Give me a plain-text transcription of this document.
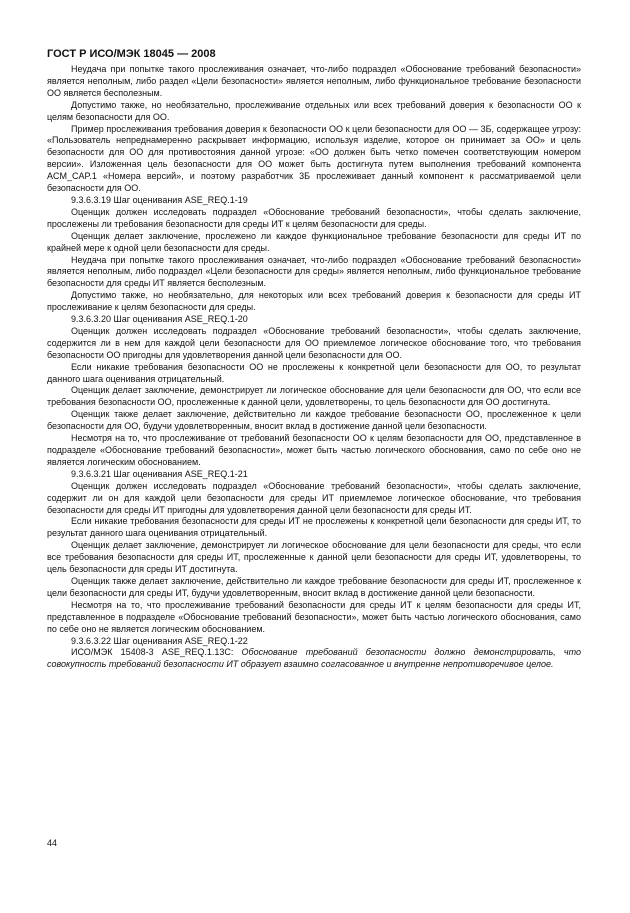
ГОСТ Р ИСО/МЭК 18045 — 2008

Неудача при попытке такого прослеживания означает, что-либо подраздел «Обоснование требований безопасности» является неполным, либо раздел «Цели безопасности» является неполным, либо функциональное требование безопасности ОО является бесполезным.

Допустимо также, но необязательно, прослеживание отдельных или всех требований доверия к безопасности ОО к целям безопасности для ОО.

Пример прослеживания требования доверия к безопасности ОО к цели безопасности для ОО — 3Б, содержащее угрозу: «Пользователь непреднамеренно раскрывает информацию, используя изделие, которое он принимает за ОО» и цель безопасности для ОО для противостояния данной угрозе: «ОО должен быть четко помечен соответствующим номером версии». Изложенная цель безопасности для ОО может быть достигнута путем выполнения требований компонента ACM_CAP.1 «Номера версий», и поэтому разработчик 3Б прослеживает данный компонент к рассматриваемой цели безопасности для ОО.

9.3.6.3.19 Шаг оценивания ASE_REQ.1-19

Оценщик должен исследовать подраздел «Обоснование требований безопасности», чтобы сделать заключение, прослежены ли требования безопасности для среды ИТ к целям безопасности для среды.

Оценщик делает заключение, прослежено ли каждое функциональное требование безопасности для среды ИТ по крайней мере к одной цели безопасности для среды.

Неудача при попытке такого прослеживания означает, что-либо подраздел «Обоснование требований безопасности» является неполным, либо подраздел «Цели безопасности для среды» является неполным, либо функциональное требование безопасности для среды ИТ является бесполезным.

Допустимо также, но необязательно, для некоторых или всех требований доверия к безопасности для среды ИТ прослеживание к целям безопасности для среды.

9.3.6.3.20 Шаг оценивания ASE_REQ.1-20

Оценщик должен исследовать подраздел «Обоснование требований безопасности», чтобы сделать заключение, содержится ли в нем для каждой цели безопасности для ОО приемлемое логическое обоснование того, что требования безопасности ОО пригодны для удовлетворения данной цели безопасности для ОО.

Если никакие требования безопасности ОО не прослежены к конкретной цели безопасности для ОО, то результат данного шага оценивания отрицательный.

Оценщик делает заключение, демонстрирует ли логическое обоснование для цели безопасности для ОО, что если все требования безопасности ОО, прослеженные к данной цели, удовлетворены, то цель безопасности для ОО достигнута.

Оценщик также делает заключение, действительно ли каждое требование безопасности ОО, прослеженное к цели безопасности для ОО, будучи удовлетворенным, вносит вклад в достижение данной цели безопасности.

Несмотря на то, что прослеживание от требований безопасности ОО к целям безопасности для ОО, представленное в подразделе «Обоснование требований безопасности», может быть частью логического обоснования, само по себе оно не является логическим обоснованием.

9.3.6.3.21 Шаг оценивания ASE_REQ.1-21

Оценщик должен исследовать подраздел «Обоснование требований безопасности», чтобы сделать заключение, содержит ли он для каждой цели безопасности для среды ИТ приемлемое логическое обоснование, что требования безопасности для среды ИТ пригодны для удовлетворения данной цели безопасности для среды ИТ.

Если никакие требования безопасности для среды ИТ не прослежены к конкретной цели безопасности для среды ИТ, то результат данного шага оценивания отрицательный.

Оценщик делает заключение, демонстрирует ли логическое обоснование для цели безопасности для среды, что если все требования безопасности для среды ИТ, прослеженные к данной цели безопасности для среды ИТ, удовлетворены, то цель безопасности для среды ИТ достигнута.

Оценщик также делает заключение, действительно ли каждое требование безопасности для среды ИТ, прослеженное к цели безопасности для среды ИТ, будучи удовлетворенным, вносит вклад в достижение данной цели безопасности.

Несмотря на то, что прослеживание требований безопасности для среды ИТ к целям безопасности для среды ИТ, представленное в подразделе «Обоснование требований безопасности», может быть частью логического обоснования, само по себе оно не является логическим обоснованием.

9.3.6.3.22 Шаг оценивания ASE_REQ.1-22

ИСО/МЭК 15408-3 ASE_REQ.1.13C: Обоснование требований безопасности должно демонстрировать, что совокупность требований безопасности ИТ образует взаимно согласованное и внутренне непротиворечивое целое.

44
